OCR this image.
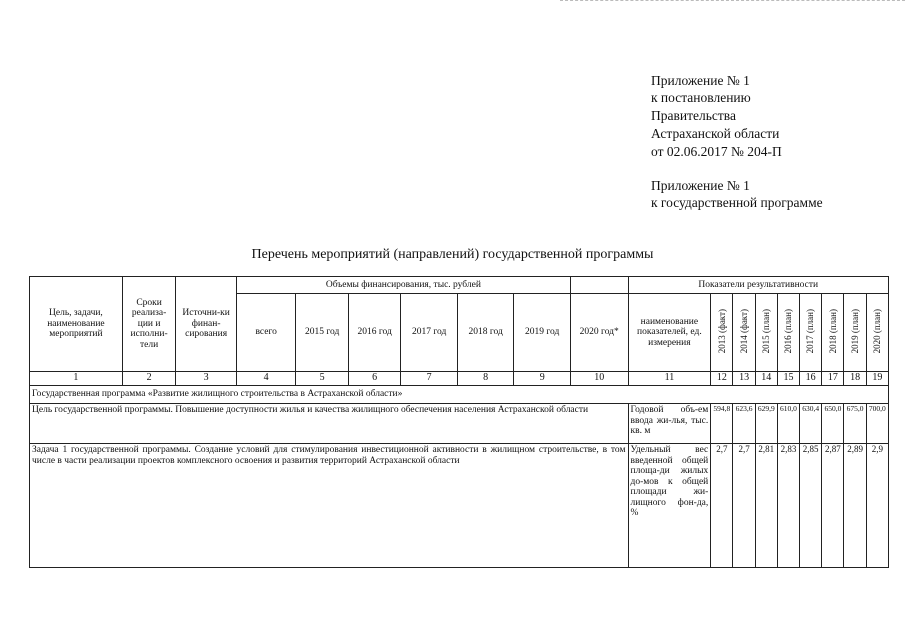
Приложение № 1
к постановлению
Правительства
Астраханской области
от 02.06.2017 № 204-П
Приложение № 1
к государственной программе
Перечень мероприятий (направлений) государственной программы
Цель, задачи, наименование мероприятий	Сроки реализа-ции и исполни-тели	Источни-ки финан-сирования	Объемы финансирования, тыс. рублей							Показатели результативности								
			всего	2015 год	2016 год	2017 год	2018 год	2019 год	2020 год*	наименование показателей, ед. измерения	2013 (факт)	2014 (факт)	2015 (план)	2016 (план)	2017 (план)	2018 (план)	2019 (план)	2020 (план)
1	2	3	4	5	6	7	8	9	10	11	12	13	14	15	16	17	18	19
Государственная программа «Развитие жилищного строительства в Астраханской области»																		
Цель государственной программы. Повышение доступности жилья и качества жилищного обеспечения населения Астраханской области										Годовой объ-ем ввода жи-лья, тыс. кв. м	594,8	623,6	629,9	610,0	630,4	650,0	675,0	700,0
Задача 1 государственной программы. Создание условий для стимулирования инвестиционной активности в жилищном строительстве, в том числе в части реализации проектов комплексного освоения и развития территорий Астраханской области										Удельный вес введенной общей площа-ди жилых до-мов к общей площади жи-лищного фон-да, %	2,7	2,7	2,81	2,83	2,85	2,87	2,89	2,9
